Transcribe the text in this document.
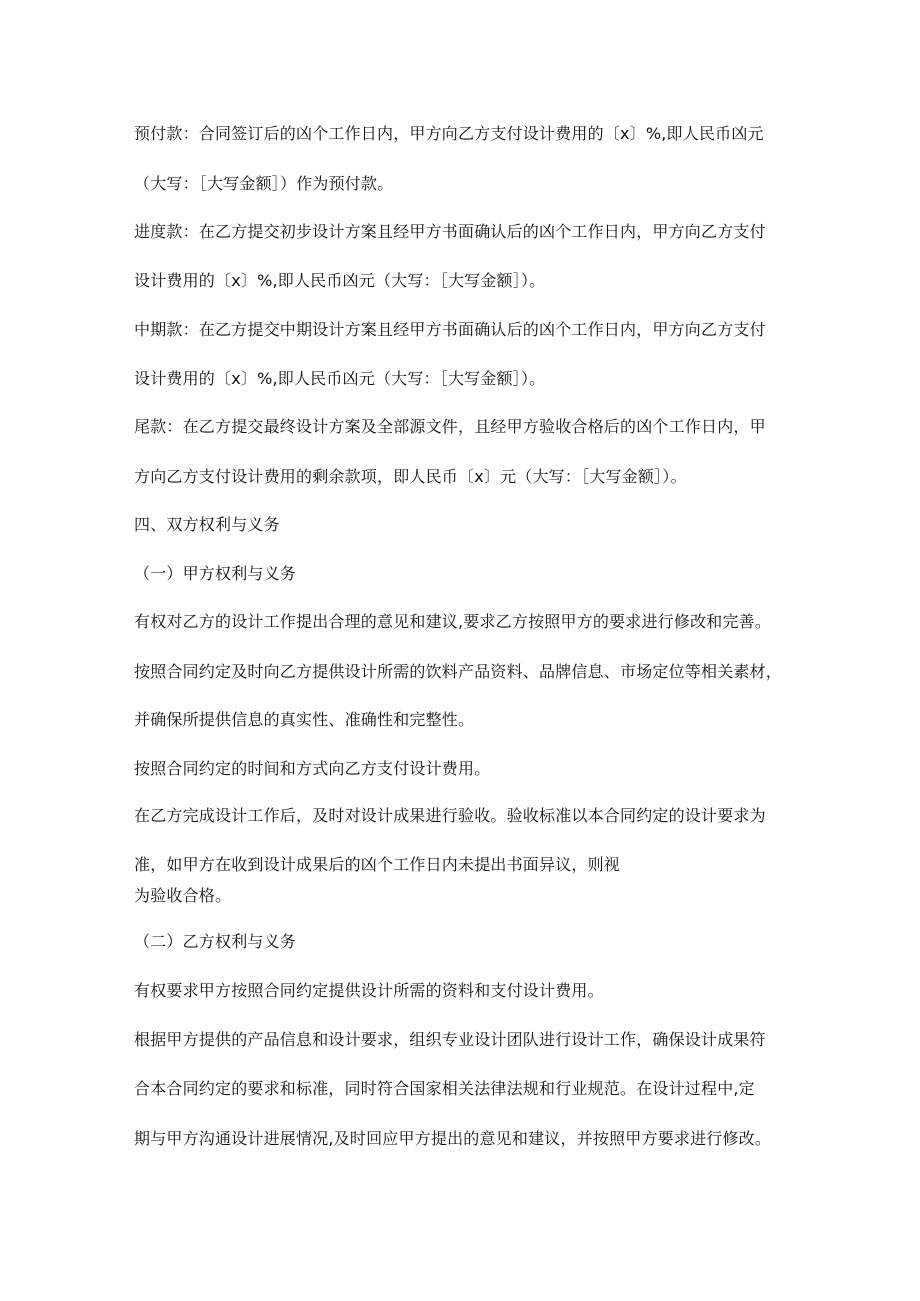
预付款：合同签订后的凶个工作日内，甲方向乙方支付设计费用的〔x〕%,即人民币凶元
（大写：［大写金额］）作为预付款。
进度款：在乙方提交初步设计方案且经甲方书面确认后的凶个工作日内，甲方向乙方支付
设计费用的〔x〕%,即人民币凶元（大写：［大写金额］）。
中期款：在乙方提交中期设计方案且经甲方书面确认后的凶个工作日内，甲方向乙方支付
设计费用的〔x〕%,即人民币凶元（大写：［大写金额］）。
尾款：在乙方提交最终设计方案及全部源文件，且经甲方验收合格后的凶个工作日内，甲
方向乙方支付设计费用的剩余款项，即人民币〔x〕元（大写：［大写金额］）。
四、双方权利与义务
（一）甲方权利与义务
有权对乙方的设计工作提出合理的意见和建议,要求乙方按照甲方的要求进行修改和完善。
按照合同约定及时向乙方提供设计所需的饮料产品资料、品牌信息、市场定位等相关素材，
并确保所提供信息的真实性、准确性和完整性。
按照合同约定的时间和方式向乙方支付设计费用。
在乙方完成设计工作后，及时对设计成果进行验收。验收标准以本合同约定的设计要求为
准，如甲方在收到设计成果后的凶个工作日内未提出书面异议，则视
为验收合格。
（二）乙方权利与义务
有权要求甲方按照合同约定提供设计所需的资料和支付设计费用。
根据甲方提供的产品信息和设计要求，组织专业设计团队进行设计工作，确保设计成果符
合本合同约定的要求和标准，同时符合国家相关法律法规和行业规范。在设计过程中,定
期与甲方沟通设计进展情况,及时回应甲方提出的意见和建议，并按照甲方要求进行修改。
